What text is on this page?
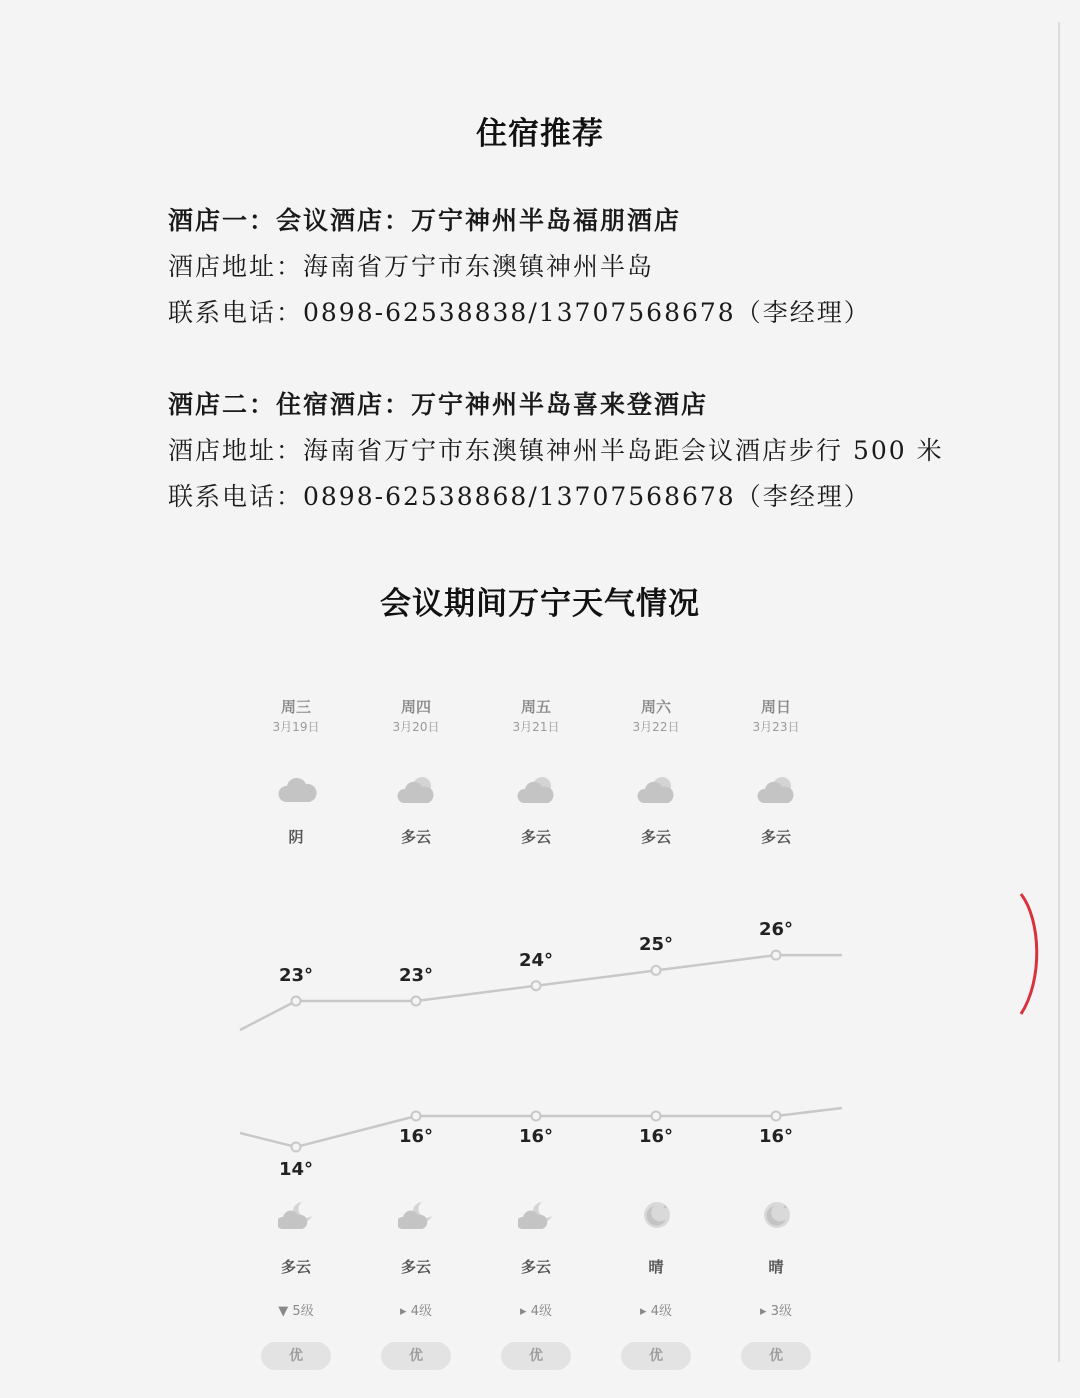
住宿推荐
酒店一：会议酒店：万宁神州半岛福朋酒店
酒店地址：海南省万宁市东澳镇神州半岛
联系电话：0898-62538838/13707568678（李经理）
酒店二：住宿酒店：万宁神州半岛喜来登酒店
酒店地址：海南省万宁市东澳镇神州半岛距会议酒店步行 500 米
联系电话：0898-62538868/13707568678（李经理）
会议期间万宁天气情况
周三
3月19日
阴
23°
14°
多云
▼ 5级
优
周四
3月20日
多云
23°
16°
多云
▸ 4级
优
周五
3月21日
多云
24°
16°
多云
▸ 4级
优
周六
3月22日
多云
25°
16°
晴
▸ 4级
优
周日
3月23日
多云
26°
16°
晴
▸ 3级
优
